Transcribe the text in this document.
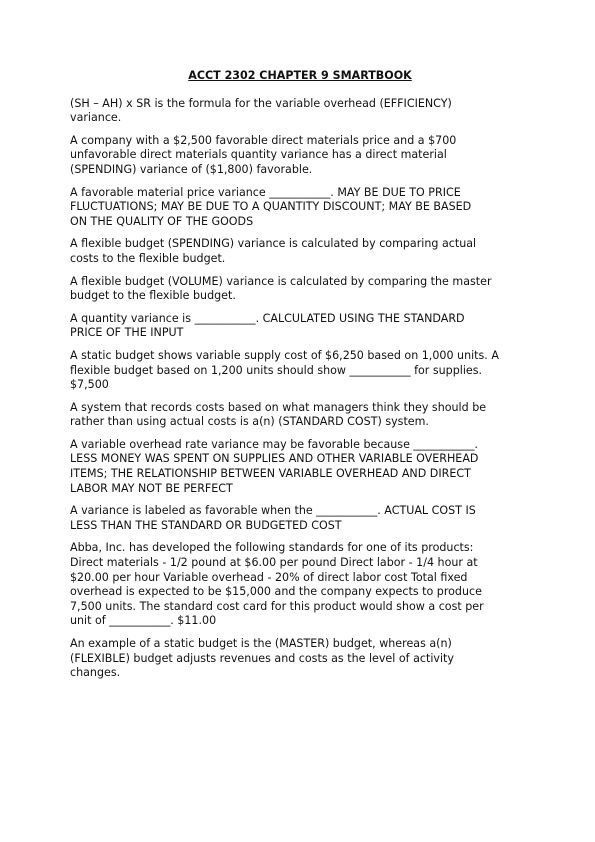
ACCT 2302 CHAPTER 9 SMARTBOOK

(SH – AH) x SR is the formula for the variable overhead (EFFICIENCY)
variance.

A company with a $2,500 favorable direct materials price and a $700
unfavorable direct materials quantity variance has a direct material
(SPENDING) variance of ($1,800) favorable.

A favorable material price variance ___________. MAY BE DUE TO PRICE
FLUCTUATIONS; MAY BE DUE TO A QUANTITY DISCOUNT; MAY BE BASED
ON THE QUALITY OF THE GOODS

A flexible budget (SPENDING) variance is calculated by comparing actual
costs to the flexible budget.

A flexible budget (VOLUME) variance is calculated by comparing the master
budget to the flexible budget.

A quantity variance is ___________. CALCULATED USING THE STANDARD
PRICE OF THE INPUT

A static budget shows variable supply cost of $6,250 based on 1,000 units. A
flexible budget based on 1,200 units should show ___________ for supplies.
$7,500

A system that records costs based on what managers think they should be
rather than using actual costs is a(n) (STANDARD COST) system.

A variable overhead rate variance may be favorable because ___________.
LESS MONEY WAS SPENT ON SUPPLIES AND OTHER VARIABLE OVERHEAD
ITEMS; THE RELATIONSHIP BETWEEN VARIABLE OVERHEAD AND DIRECT
LABOR MAY NOT BE PERFECT

A variance is labeled as favorable when the ___________. ACTUAL COST IS
LESS THAN THE STANDARD OR BUDGETED COST

Abba, Inc. has developed the following standards for one of its products:
Direct materials - 1/2 pound at $6.00 per pound Direct labor - 1/4 hour at
$20.00 per hour Variable overhead - 20% of direct labor cost Total fixed
overhead is expected to be $15,000 and the company expects to produce
7,500 units. The standard cost card for this product would show a cost per
unit of ___________. $11.00

An example of a static budget is the (MASTER) budget, whereas a(n)
(FLEXIBLE) budget adjusts revenues and costs as the level of activity
changes.
